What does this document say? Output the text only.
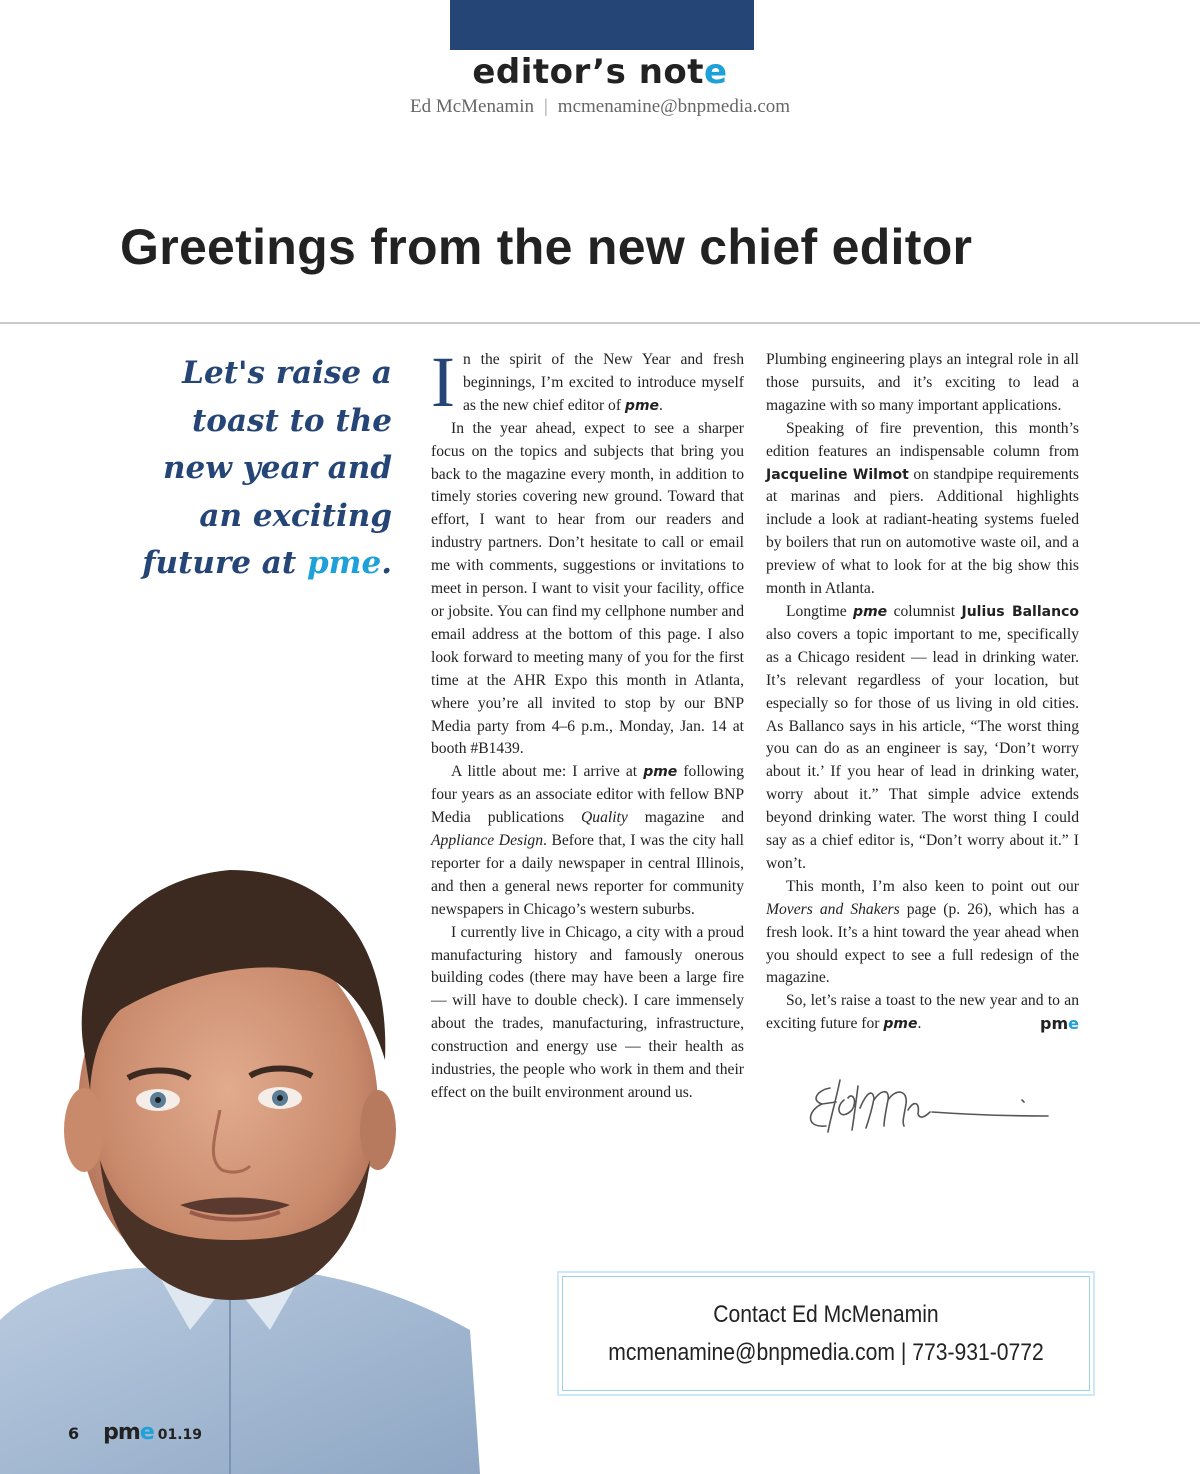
editor’s note
Ed McMenamin | mcmenamine@bnpmedia.com
Greetings from the new chief editor
Let's raise a toast to the new year and an exciting future at pme.

In the spirit of the New Year and fresh beginnings, I’m excited to introduce myself as the new chief editor of pme.

In the year ahead, expect to see a sharper focus on the topics and subjects that bring you back to the magazine every month, in addition to timely stories covering new ground. Toward that effort, I want to hear from our readers and industry partners. Don’t hesitate to call or email me with comments, suggestions or invitations to meet in person. I want to visit your facility, office or jobsite. You can find my cellphone number and email address at the bottom of this page. I also look forward to meeting many of you for the first time at the AHR Expo this month in Atlanta, where you’re all invited to stop by our BNP Media party from 4–6 p.m., Monday, Jan. 14 at booth #B1439.

A little about me: I arrive at pme following four years as an associate editor with fellow BNP Media publications Quality magazine and Appliance Design. Before that, I was the city hall reporter for a daily newspaper in central Illinois, and then a general news reporter for community newspapers in Chicago’s western suburbs.

I currently live in Chicago, a city with a proud manufacturing history and famously onerous building codes (there may have been a large fire — will have to double check). I care immensely about the trades, manufacturing, infrastructure, construction and energy use — their health as industries, the people who work in them and their effect on the built environment around us.

Plumbing engineering plays an integral role in all those pursuits, and it’s exciting to lead a magazine with so many important applications.

Speaking of fire prevention, this month’s edition features an indispensable column from Jacqueline Wilmot on standpipe requirements at marinas and piers. Additional highlights include a look at radiant-heating systems fueled by boilers that run on automotive waste oil, and a preview of what to look for at the big show this month in Atlanta.

Longtime pme columnist Julius Ballanco also covers a topic important to me, specifically as a Chicago resident — lead in drinking water. It’s relevant regardless of your location, but especially so for those of us living in old cities. As Ballanco says in his article, “The worst thing you can do as an engineer is say, ‘Don’t worry about it.’ If you hear of lead in drinking water, worry about it.” That simple advice extends beyond drinking water. The worst thing I could say as a chief editor is, “Don’t worry about it.” I won’t.

This month, I’m also keen to point out our Movers and Shakers page (p. 26), which has a fresh look. It’s a hint toward the year ahead when you should expect to see a full redesign of the magazine.

So, let’s raise a toast to the new year and to an exciting future for pme.	pme

Contact Ed McMenamin
mcmenamine@bnpmedia.com | 773-931-0772
6 pme 01.19
